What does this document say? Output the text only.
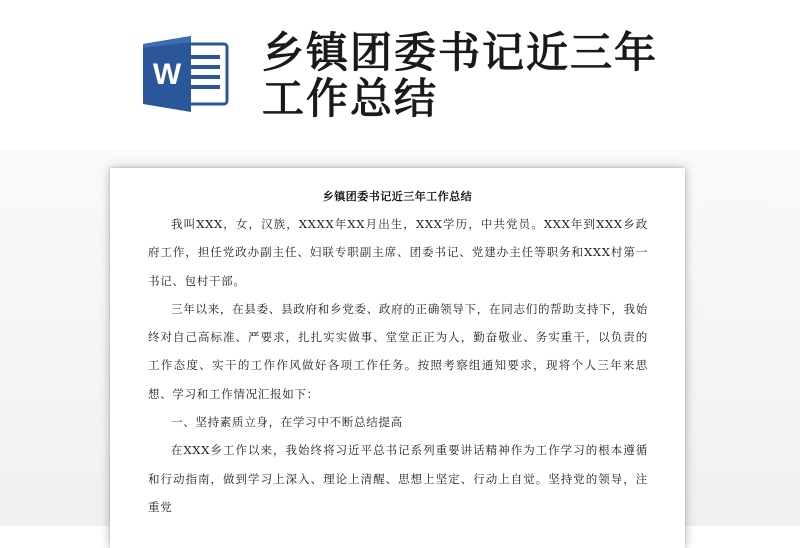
W 乡镇团委书记近三年
工作总结
乡镇团委书记近三年工作总结

我叫XXX，女，汉族，XXXX年XX月出生，XXX学历，中共党员。XXX年到XXX乡政府工作，担任党政办副主任、妇联专职副主席、团委书记、党建办主任等职务和XXX村第一书记、包村干部。

三年以来，在县委、县政府和乡党委、政府的正确领导下，在同志们的帮助支持下，我始终对自己高标准、严要求，扎扎实实做事、堂堂正正为人，勤奋敬业、务实重干，以负责的工作态度、实干的工作作风做好各项工作任务。按照考察组通知要求，现将个人三年来思想、学习和工作情况汇报如下：

一、坚持素质立身，在学习中不断总结提高

在XXX乡工作以来，我始终将习近平总书记系列重要讲话精神作为工作学习的根本遵循和行动指南，做到学习上深入、理论上清醒、思想上坚定、行动上自觉。坚持党的领导，注重党
